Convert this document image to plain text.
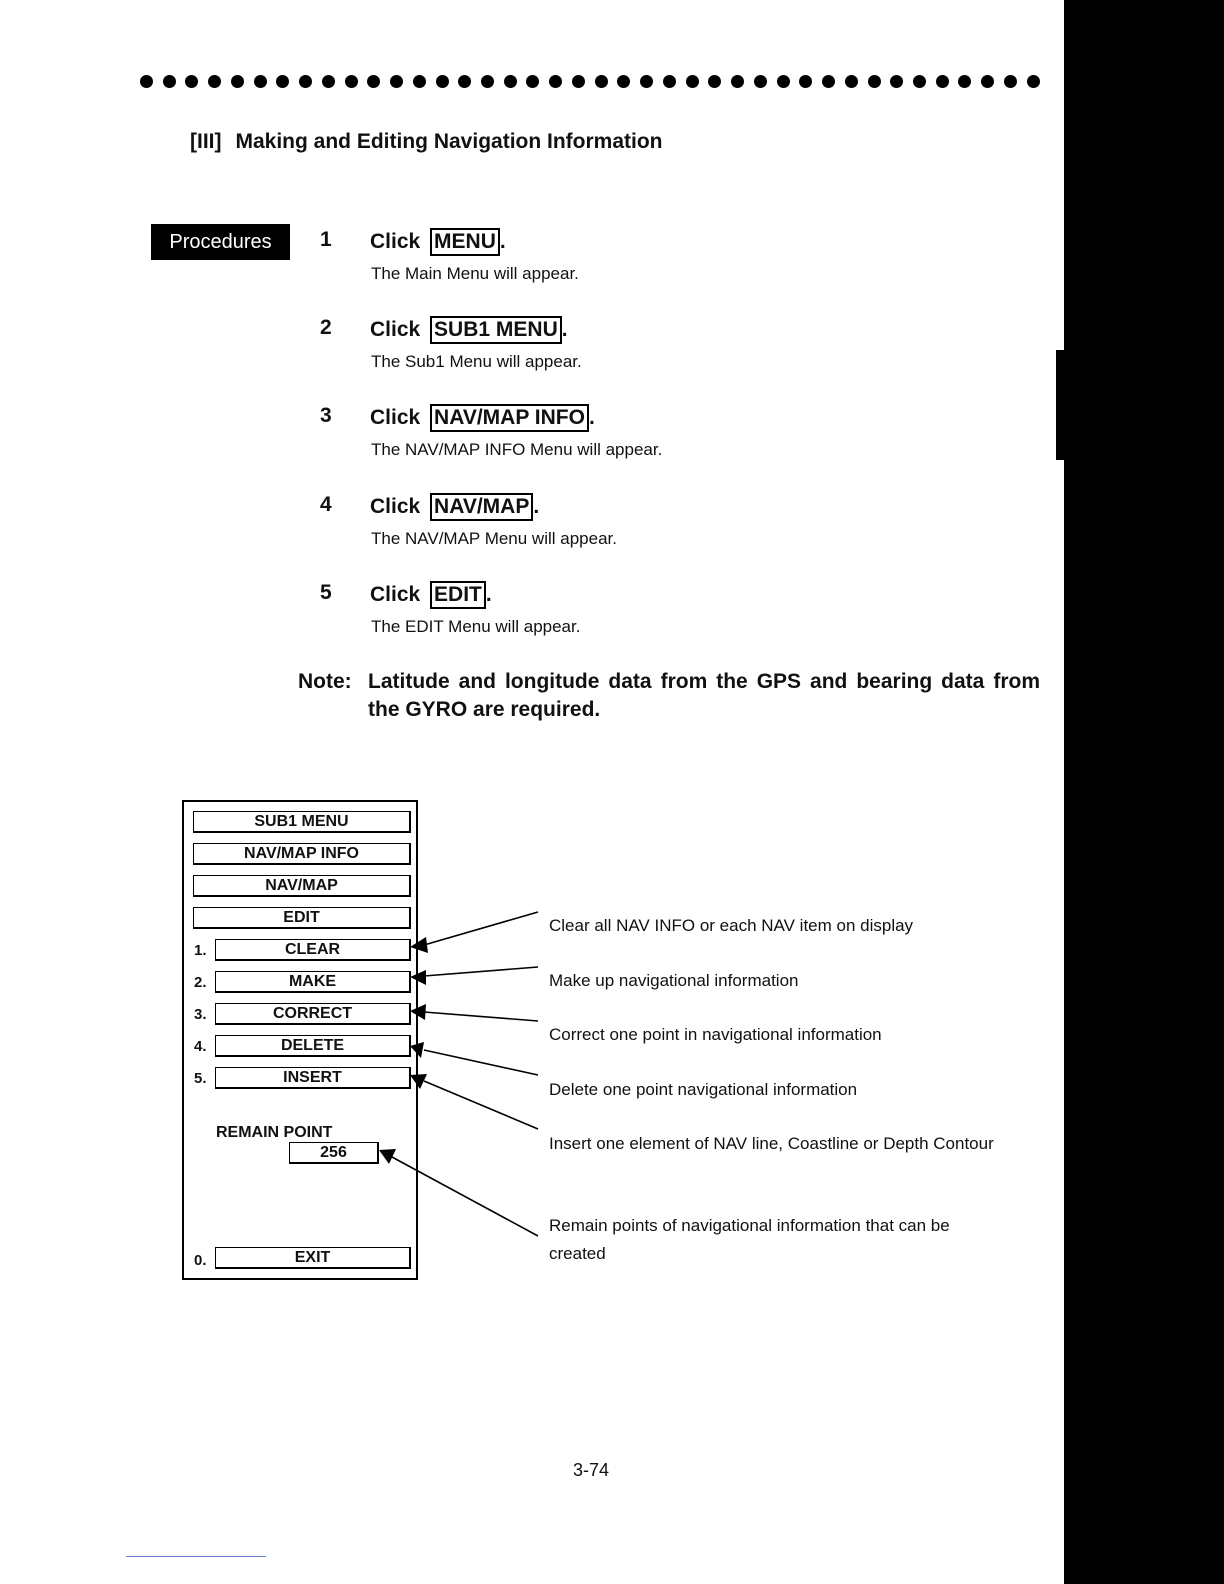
[III] Making and Editing Navigation Information
Procedures	1 Click MENU .
The Main Menu will appear.
2 Click SUB1 MENU .
The Sub1 Menu will appear.
3 Click NAV/MAP INFO .
The NAV/MAP INFO Menu will appear.
4 Click NAV/MAP .
The NAV/MAP Menu will appear.
5 Click EDIT .
The EDIT Menu will appear.
Note: Latitude and longitude data from the GPS and bearing data from the GYRO are required.
SUB1 MENU
NAV/MAP INFO
NAV/MAP
EDIT
1.	CLEAR
2.	MAKE
3.	CORRECT
4.	DELETE
5.	INSERT
REMAIN POINT
256
0.	EXIT
Clear all NAV INFO or each NAV item on display
Make up navigational information
Correct one point in navigational information
Delete one point navigational information
Insert one element of NAV line, Coastline or Depth Contour
Remain points of navigational information that can be created
3-74
